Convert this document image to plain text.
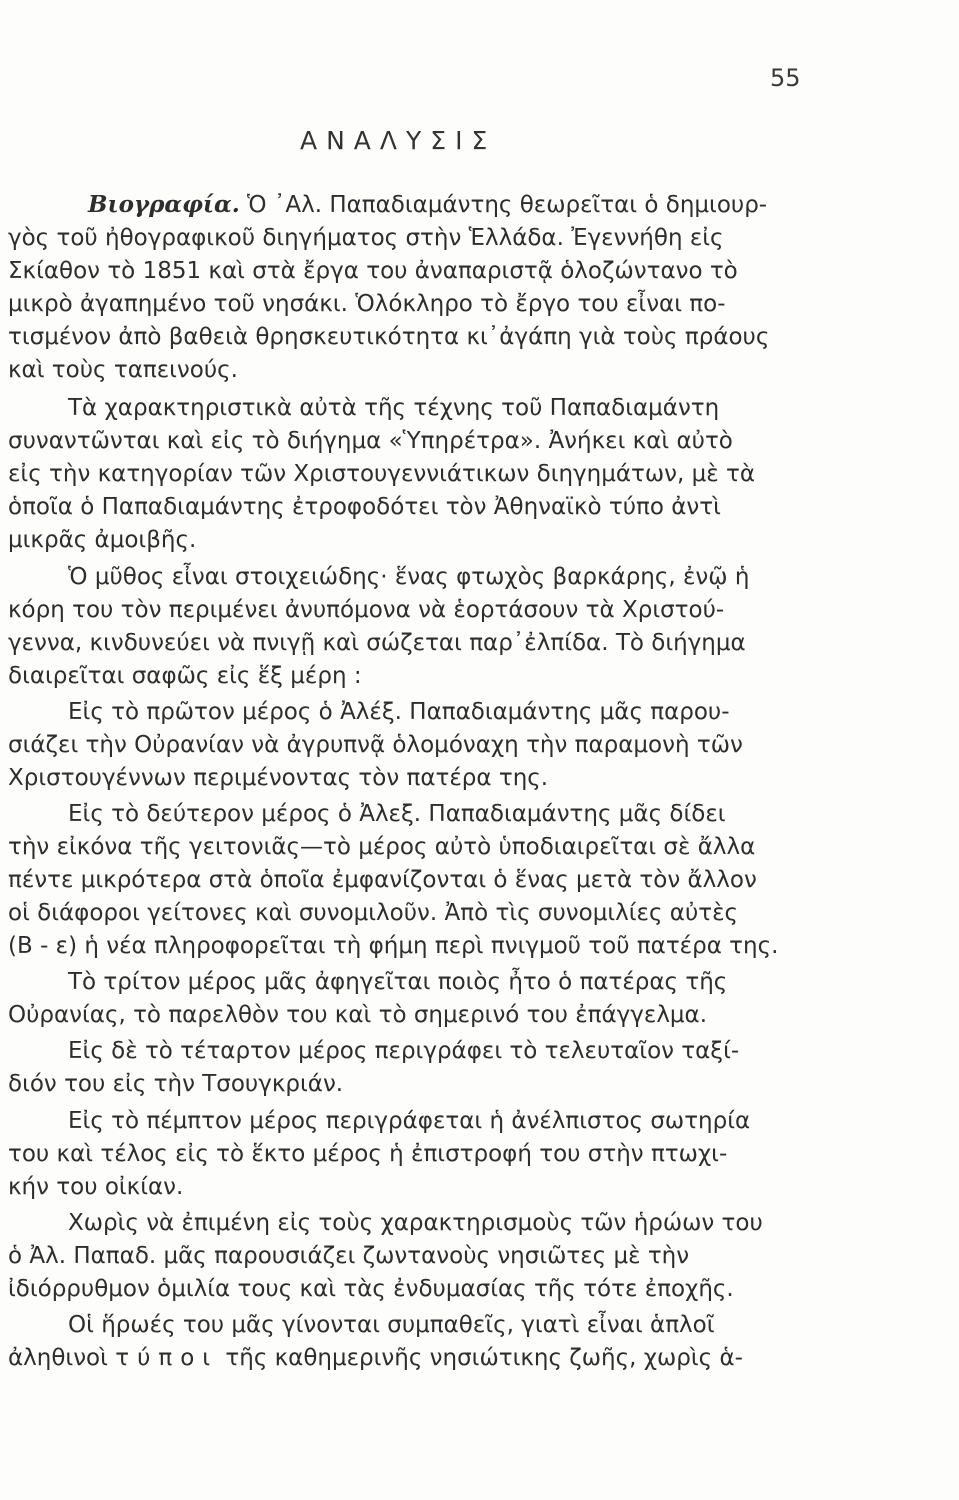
55
ΑΝΑΛΥΣΙΣ
Βιογραφία. Ὁ ᾿Αλ. Παπαδιαμάντης θεωρεῖται ὁ δημιουρ-
γὸς τοῦ ἠθογραφικοῦ διηγήματος στὴν Ἑλλάδα. Ἐγεννήθη εἰς
Σκίαθον τὸ 1851 καὶ στὰ ἔργα του ἀναπαριστᾷ ὁλοζώντανο τὸ
μικρὸ ἀγαπημένο τοῦ νησάκι. Ὁλόκληρο τὸ ἔργο του εἶναι πο-
τισμένον ἀπὸ βαθειὰ θρησκευτικότητα κι᾿ἀγάπη γιὰ τοὺς πράους
καὶ τοὺς ταπεινούς.
Τὰ χαρακτηριστικὰ αὐτὰ τῆς τέχνης τοῦ Παπαδιαμάντη
συναντῶνται καὶ εἰς τὸ διήγημα «Ὑπηρέτρα». Ἀνήκει καὶ αὐτὸ
εἰς τὴν κατηγορίαν τῶν Χριστουγεννιάτικων διηγημάτων, μὲ τὰ
ὁποῖα ὁ Παπαδιαμάντης ἐτροφοδότει τὸν Ἀθηναϊκὸ τύπο ἀντὶ
μικρᾶς ἀμοιβῆς.
Ὁ μῦθος εἶναι στοιχειώδης· ἕνας φτωχὸς βαρκάρης, ἐνῷ ἡ
κόρη του τὸν περιμένει ἀνυπόμονα νὰ ἑορτάσουν τὰ Χριστού-
γεννα, κινδυνεύει νὰ πνιγῇ καὶ σώζεται παρ᾿ἐλπίδα. Τὸ διήγημα
διαιρεῖται σαφῶς εἰς ἕξ μέρη :
Εἰς τὸ πρῶτον μέρος ὁ Ἀλέξ. Παπαδιαμάντης μᾶς παρου-
σιάζει τὴν Οὐρανίαν νὰ ἀγρυπνᾷ ὁλομόναχη τὴν παραμονὴ τῶν
Χριστουγέννων περιμένοντας τὸν πατέρα της.
Εἰς τὸ δεύτερον μέρος ὁ Ἀλεξ. Παπαδιαμάντης μᾶς δίδει
τὴν εἰκόνα τῆς γειτονιᾶς—τὸ μέρος αὐτὸ ὑποδιαιρεῖται σὲ ἄλλα
πέντε μικρότερα στὰ ὁποῖα ἐμφανίζονται ὁ ἕνας μετὰ τὸν ἄλλον
οἱ διάφοροι γείτονες καὶ συνομιλοῦν. Ἀπὸ τὶς συνομιλίες αὐτὲς
(Β - ε) ἡ νέα πληροφορεῖται τὴ φήμη περὶ πνιγμοῦ τοῦ πατέρα της.
Τὸ τρίτον μέρος μᾶς ἀφηγεῖται ποιὸς ἦτο ὁ πατέρας τῆς
Οὐρανίας, τὸ παρελθὸν του καὶ τὸ σημερινό του ἐπάγγελμα.
Εἰς δὲ τὸ τέταρτον μέρος περιγράφει τὸ τελευταῖον ταξί-
διόν του εἰς τὴν Τσουγκριάν.
Εἰς τὸ πέμπτον μέρος περιγράφεται ἡ ἀνέλπιστος σωτηρία
του καὶ τέλος εἰς τὸ ἕκτο μέρος ἡ ἐπιστροφή του στὴν πτωχι-
κήν του οἰκίαν.
Χωρὶς νὰ ἐπιμένη εἰς τοὺς χαρακτηρισμοὺς τῶν ἡρώων του
ὁ Ἀλ. Παπαδ. μᾶς παρουσιάζει ζωντανοὺς νησιῶτες μὲ τὴν
ἰδιόρρυθμον ὁμιλία τους καὶ τὰς ἐνδυμασίας τῆς τότε ἐποχῆς.
Οἱ ἥρωές του μᾶς γίνονται συμπαθεῖς, γιατὶ εἶναι ἁπλοῖ
ἀληθινοὶ τύποι τῆς καθημερινῆς νησιώτικης ζωῆς, χωρὶς ἁ-
